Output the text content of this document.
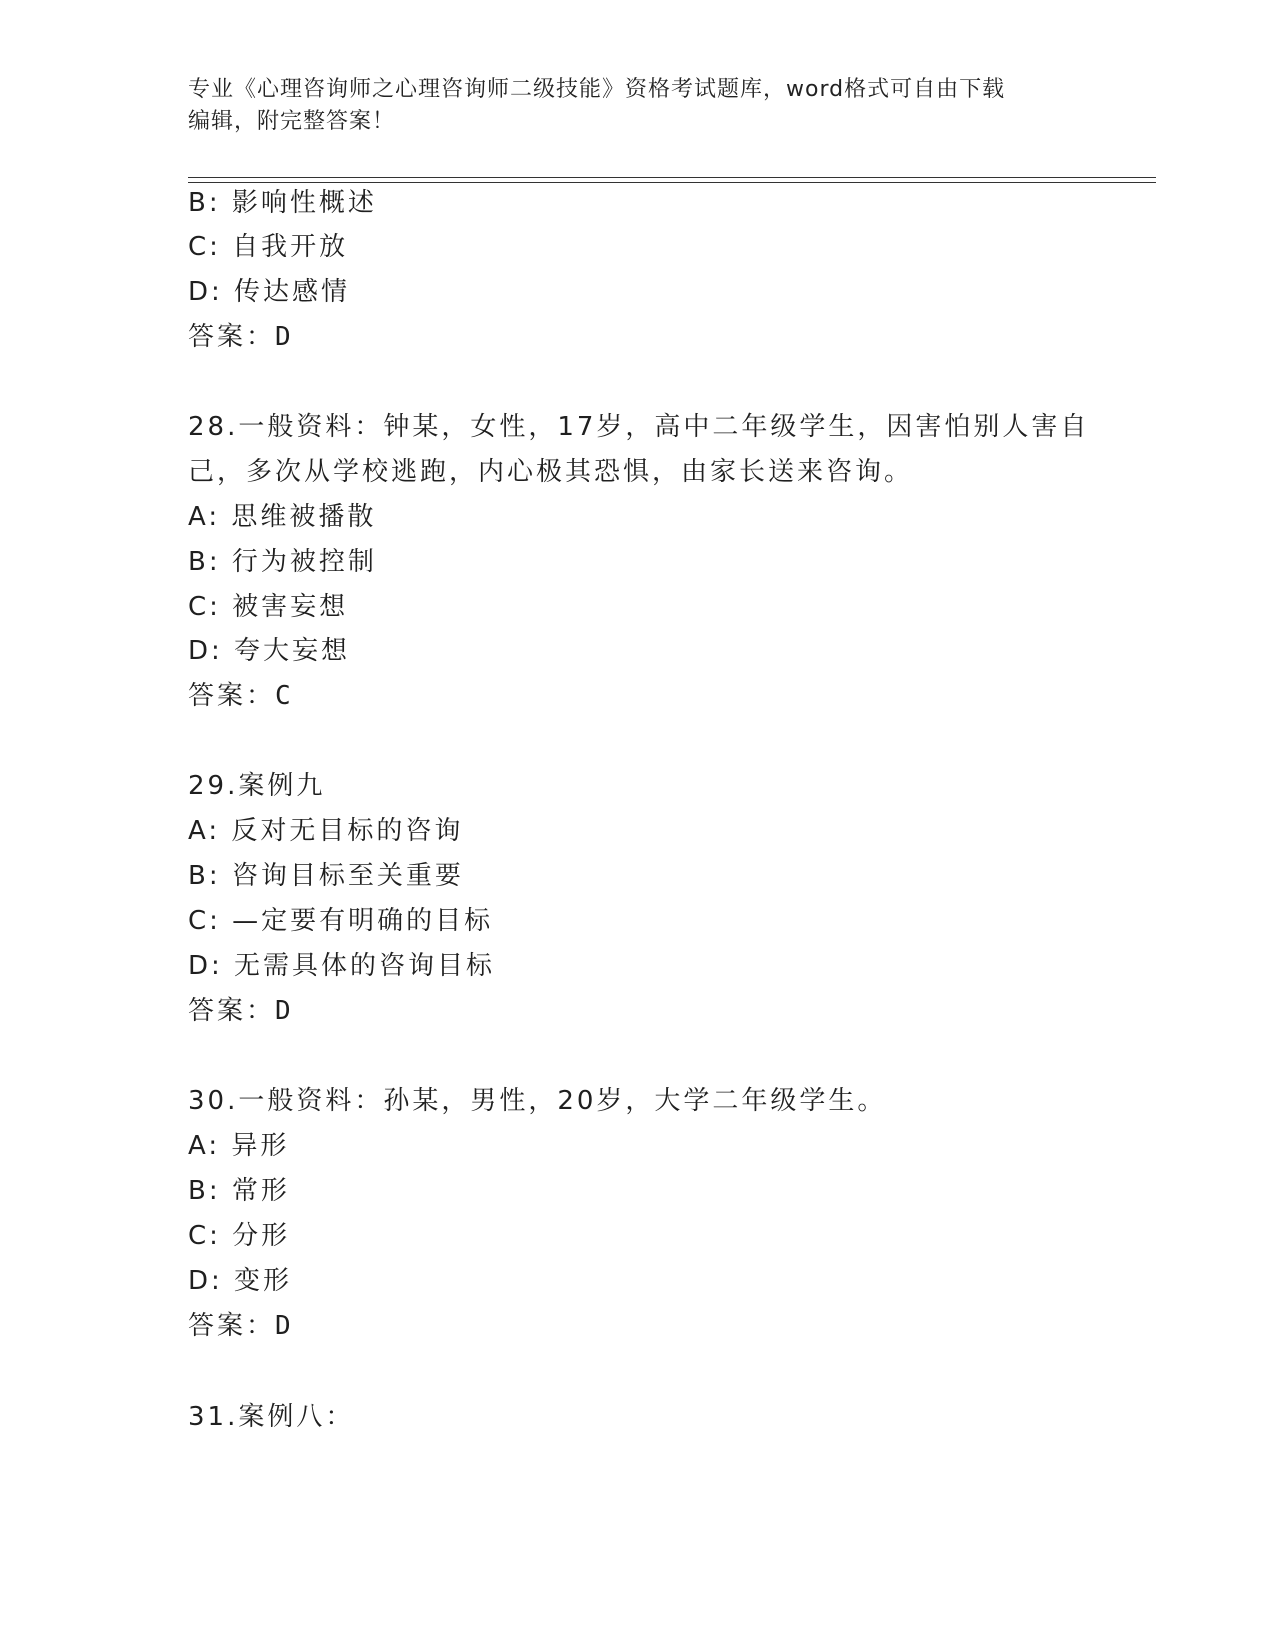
专业《心理咨询师之心理咨询师二级技能》资格考试题库，word格式可自由下载
编辑，附完整答案！
B: 影响性概述
C: 自我开放
D: 传达感情
答案：D
28.一般资料：钟某，女性，17岁，高中二年级学生，因害怕别人害自
己，多次从学校逃跑，内心极其恐惧，由家长送来咨询。
A: 思维被播散
B: 行为被控制
C: 被害妄想
D: 夸大妄想
答案：C
29.案例九
A: 反对无目标的咨询
B: 咨询目标至关重要
C: —定要有明确的目标
D: 无需具体的咨询目标
答案：D
30.一般资料：孙某，男性，20岁，大学二年级学生。
A: 异形
B: 常形
C: 分形
D: 变形
答案：D
31.案例八：
